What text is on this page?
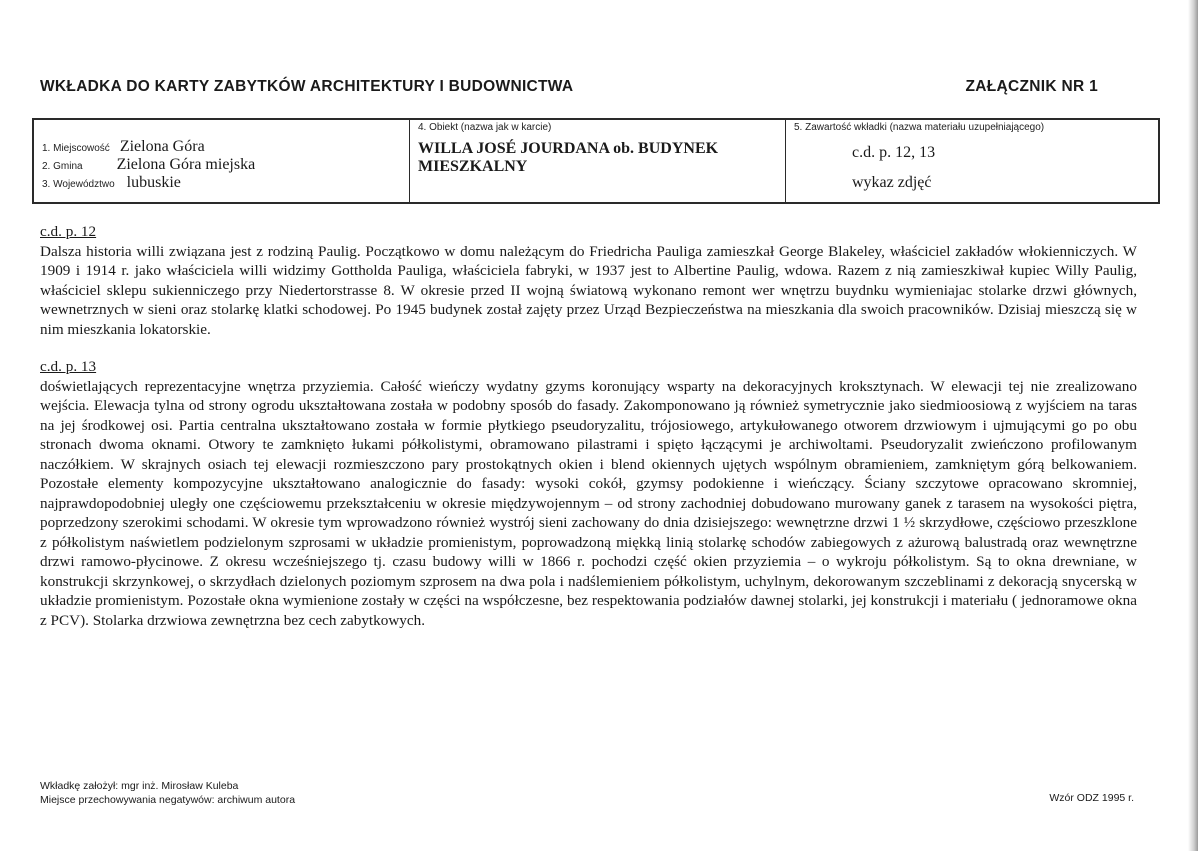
WKŁADKA DO KARTY ZABYTKÓW ARCHITEKTURY I BUDOWNICTWA	ZAŁĄCZNIK NR 1
1. Miejscowość Zielona Góra
2. Gmina Zielona Góra miejska
3. Województwo lubuskie
4. Obiekt (nazwa jak w karcie)
WILLA JOSÉ JOURDANA ob. BUDYNEK MIESZKALNY
5. Zawartość wkładki (nazwa materiału uzupełniającego)
c.d. p. 12, 13
wykaz zdjęć

c.d. p. 12

Dalsza historia willi związana jest z rodziną Paulig. Początkowo w domu należącym do Friedricha Pauliga zamieszkał George Blakeley, właściciel zakładów włokienniczych. W 1909 i 1914 r. jako właściciela willi widzimy Gottholda Pauliga, właściciela fabryki, w 1937 jest to Albertine Paulig, wdowa. Razem z nią zamieszkiwał kupiec Willy Paulig, właściciel sklepu sukienniczego przy Niedertorstrasse 8. W okresie przed II wojną światową wykonano remont wer wnętrzu buydnku wymieniajac stolarke drzwi głównych, wewnetrznych w sieni oraz stolarkę klatki schodowej. Po 1945 budynek został zajęty przez Urząd Bezpieczeństwa na mieszkania dla swoich pracowników. Dzisiaj mieszczą się w nim mieszkania lokatorskie.

c.d. p. 13

doświetlających reprezentacyjne wnętrza przyziemia. Całość wieńczy wydatny gzyms koronujący wsparty na dekoracyjnych kroksztynach. W elewacji tej nie zrealizowano wejścia. Elewacja tylna od strony ogrodu ukształtowana została w podobny sposób do fasady. Zakomponowano ją również symetrycznie jako siedmioosiową z wyjściem na taras na jej środkowej osi. Partia centralna ukształtowano została w formie płytkiego pseudoryzalitu, trójosiowego, artykułowanego otworem drzwiowym i ujmującymi go po obu stronach dwoma oknami. Otwory te zamknięto łukami półkolistymi, obramowano pilastrami i spięto łączącymi je archiwoltami. Pseudoryzalit zwieńczono profilowanym naczółkiem. W skrajnych osiach tej elewacji rozmieszczono pary prostokątnych okien i blend okiennych ujętych wspólnym obramieniem, zamkniętym górą belkowaniem. Pozostałe elementy kompozycyjne ukształtowano analogicznie do fasady: wysoki cokół, gzymsy podokienne i wieńczący. Ściany szczytowe opracowano skromniej, najprawdopodobniej uległy one częściowemu przekształceniu w okresie międzywojennym – od strony zachodniej dobudowano murowany ganek z tarasem na wysokości piętra, poprzedzony szerokimi schodami. W okresie tym wprowadzono również wystrój sieni zachowany do dnia dzisiejszego: wewnętrzne drzwi 1 ½ skrzydłowe, częściowo przeszklone z półkolistym naświetlem podzielonym szprosami w układzie promienistym, poprowadzoną miękką linią stolarkę schodów zabiegowych z ażurową balustradą oraz wewnętrzne drzwi ramowo-płycinowe. Z okresu wcześniejszego tj. czasu budowy willi w 1866 r. pochodzi część okien przyziemia – o wykroju półkolistym. Są to okna drewniane, w konstrukcji skrzynkowej, o skrzydłach dzielonych poziomym szprosem na dwa pola i nadślemieniem półkolistym, uchylnym, dekorowanym szczeblinami z dekoracją snycerską w układzie promienistym. Pozostałe okna wymienione zostały w części na współczesne, bez respektowania podziałów dawnej stolarki, jej konstrukcji i materiału ( jednoramowe okna z PCV). Stolarka drzwiowa zewnętrzna bez cech zabytkowych.

Wkładkę założył: mgr inż. Mirosław Kuleba
Miejsce przechowywania negatywów: archiwum autora	Wzór ODZ 1995 r.
